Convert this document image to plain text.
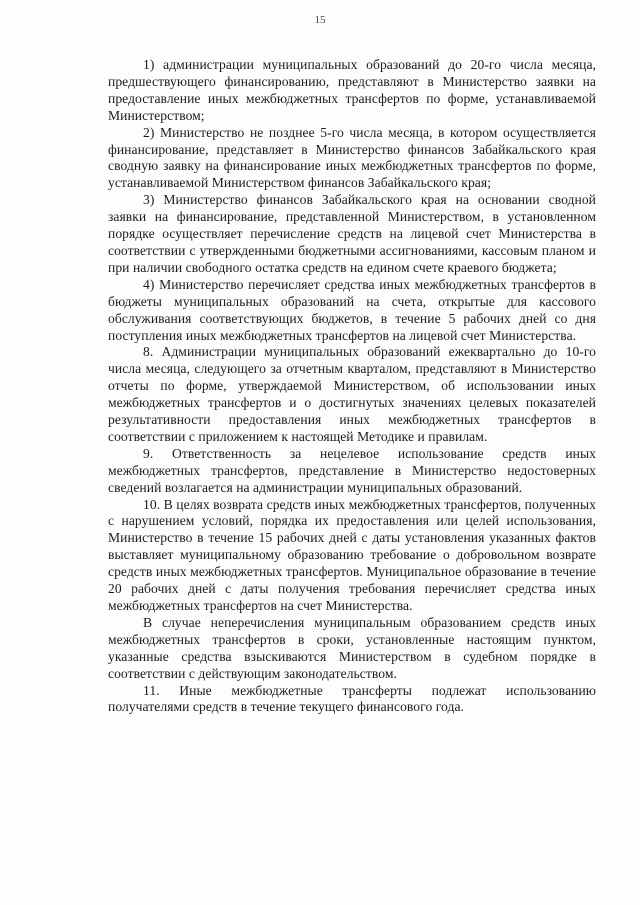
15

1) администрации муниципальных образований до 20-го числа месяца, предшествующего финансированию, представляют в Министерство заявки на предоставление иных межбюджетных трансфертов по форме, устанавливаемой Министерством;

2) Министерство не позднее 5-го числа месяца, в котором осуществляется финансирование, представляет в Министерство финансов Забайкальского края сводную заявку на финансирование иных межбюджетных трансфертов по форме, устанавливаемой Министерством финансов Забайкальского края;

3) Министерство финансов Забайкальского края на основании сводной заявки на финансирование, представленной Министерством, в установленном порядке осуществляет перечисление средств на лицевой счет Министерства в соответствии с утвержденными бюджетными ассигнованиями, кассовым планом и при наличии свободного остатка средств на едином счете краевого бюджета;

4) Министерство перечисляет средства иных межбюджетных трансфертов в бюджеты муниципальных образований на счета, открытые для кассового обслуживания соответствующих бюджетов, в течение 5 рабочих дней со дня поступления иных межбюджетных трансфертов на лицевой счет Министерства.

8. Администрации муниципальных образований ежеквартально до 10-го числа месяца, следующего за отчетным кварталом, представляют в Министерство отчеты по форме, утверждаемой Министерством, об использовании иных межбюджетных трансфертов и о достигнутых значениях целевых показателей результативности предоставления иных межбюджетных трансфертов в соответствии с приложением к настоящей Методике и правилам.

9. Ответственность за нецелевое использование средств иных межбюджетных трансфертов, представление в Министерство недостоверных сведений возлагается на администрации муниципальных образований.

10. В целях возврата средств иных межбюджетных трансфертов, полученных с нарушением условий, порядка их предоставления или целей использования, Министерство в течение 15 рабочих дней с даты установления указанных фактов выставляет муниципальному образованию требование о добровольном возврате средств иных межбюджетных трансфертов. Муниципальное образование в течение 20 рабочих дней с даты получения требования перечисляет средства иных межбюджетных трансфертов на счет Министерства.

В случае неперечисления муниципальным образованием средств иных межбюджетных трансфертов в сроки, установленные настоящим пунктом, указанные средства взыскиваются Министерством в судебном порядке в соответствии с действующим законодательством.

11. Иные межбюджетные трансферты подлежат использованию получателями средств в течение текущего финансового года.
